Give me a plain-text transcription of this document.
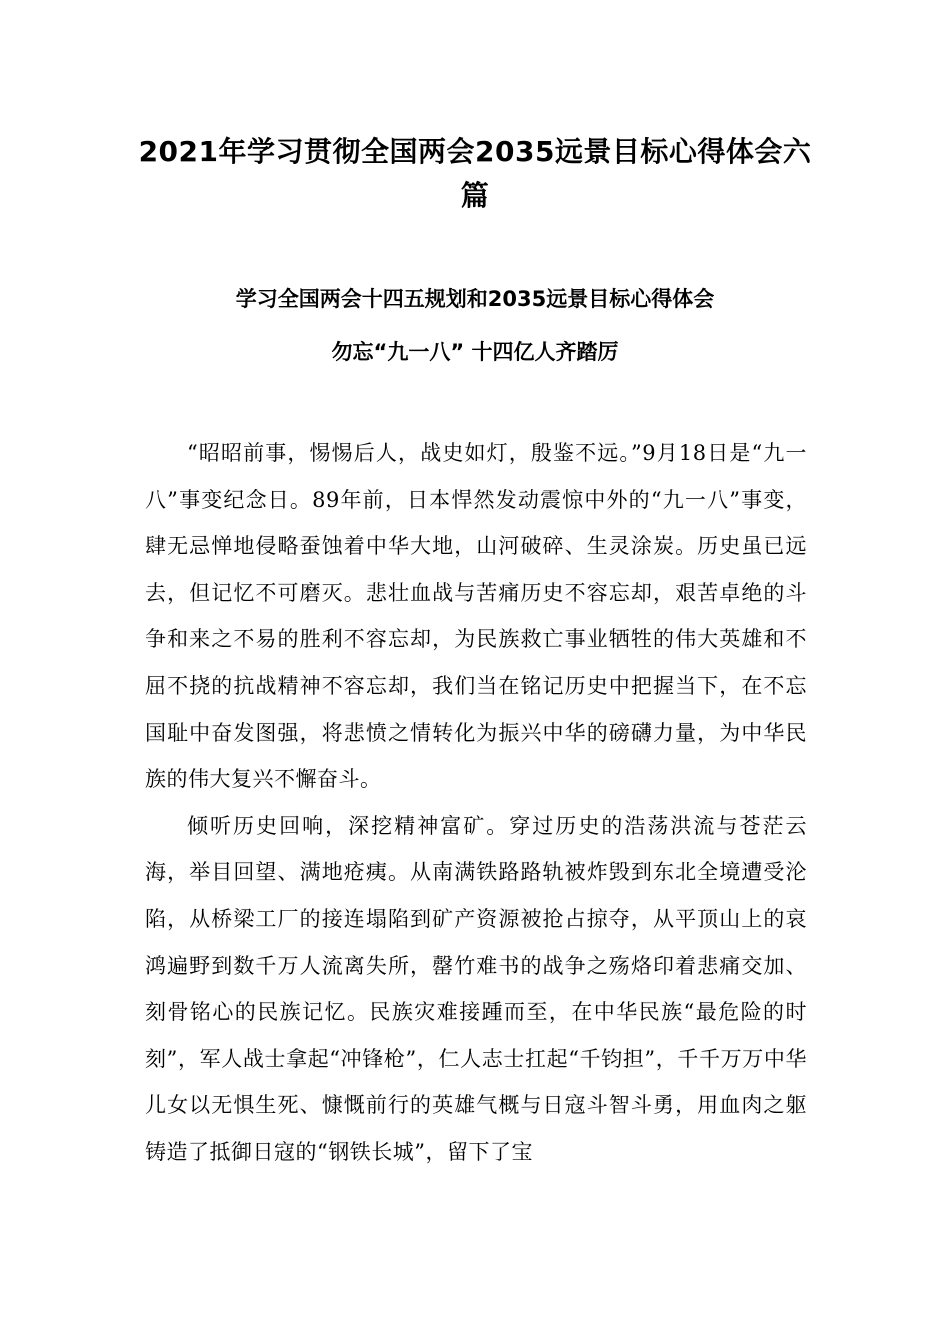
2021年学习贯彻全国两会2035远景目标心得体会六篇
学习全国两会十四五规划和2035远景目标心得体会
勿忘“九一八” 十四亿人齐踏厉

“昭昭前事，惕惕后人，战史如灯，殷鉴不远。”9月18日是“九一八”事变纪念日。89年前，日本悍然发动震惊中外的“九一八”事变，肆无忌惮地侵略蚕蚀着中华大地，山河破碎、生灵涂炭。历史虽已远去，但记忆不可磨灭。悲壮血战与苦痛历史不容忘却，艰苦卓绝的斗争和来之不易的胜利不容忘却，为民族救亡事业牺牲的伟大英雄和不屈不挠的抗战精神不容忘却，我们当在铭记历史中把握当下，在不忘国耻中奋发图强，将悲愤之情转化为振兴中华的磅礴力量，为中华民族的伟大复兴不懈奋斗。

倾听历史回响，深挖精神富矿。穿过历史的浩荡洪流与苍茫云海，举目回望、满地疮痍。从南满铁路路轨被炸毁到东北全境遭受沦陷，从桥梁工厂的接连塌陷到矿产资源被抢占掠夺，从平顶山上的哀鸿遍野到数千万人流离失所，罄竹难书的战争之殇烙印着悲痛交加、刻骨铭心的民族记忆。民族灾难接踵而至，在中华民族“最危险的时刻”，军人战士拿起“冲锋枪”，仁人志士扛起“千钧担”，千千万万中华儿女以无惧生死、慷慨前行的英雄气概与日寇斗智斗勇，用血肉之躯铸造了抵御日寇的“钢铁长城”，留下了宝
